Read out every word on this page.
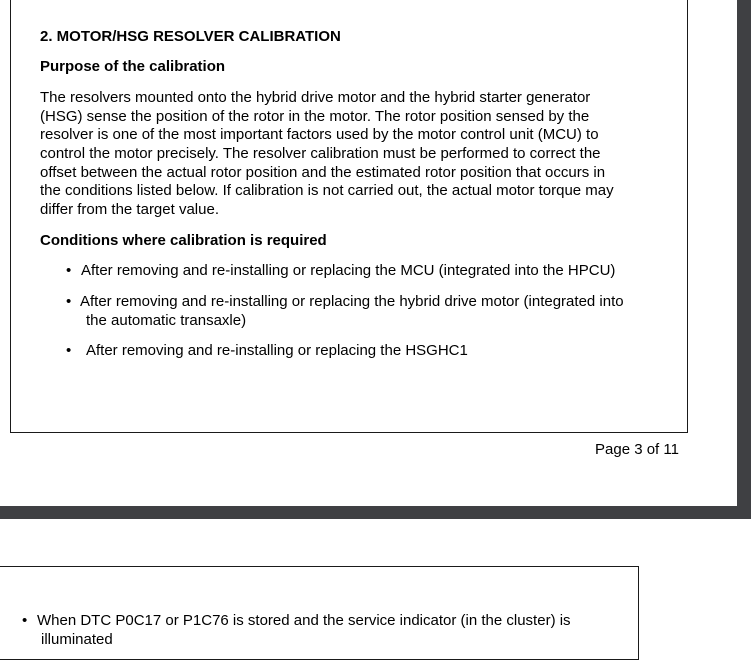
2. MOTOR/HSG RESOLVER CALIBRATION
Purpose of the calibration
The resolvers mounted onto the hybrid drive motor and the hybrid starter generator
(HSG) sense the position of the rotor in the motor. The rotor position sensed by the
resolver is one of the most important factors used by the motor control unit (MCU) to
control the motor precisely. The resolver calibration must be performed to correct the
offset between the actual rotor position and the estimated rotor position that occurs in
the conditions listed below. If calibration is not carried out, the actual motor torque may
differ from the target value.
Conditions where calibration is required
• After removing and re-installing or replacing the MCU (integrated into the HPCU)
• After removing and re-installing or replacing the hybrid drive motor (integrated into
the automatic transaxle)
• After removing and re-installing or replacing the HSGHC1
Page 3 of 11
• When DTC P0C17 or P1C76 is stored and the service indicator (in the cluster) is
illuminated
